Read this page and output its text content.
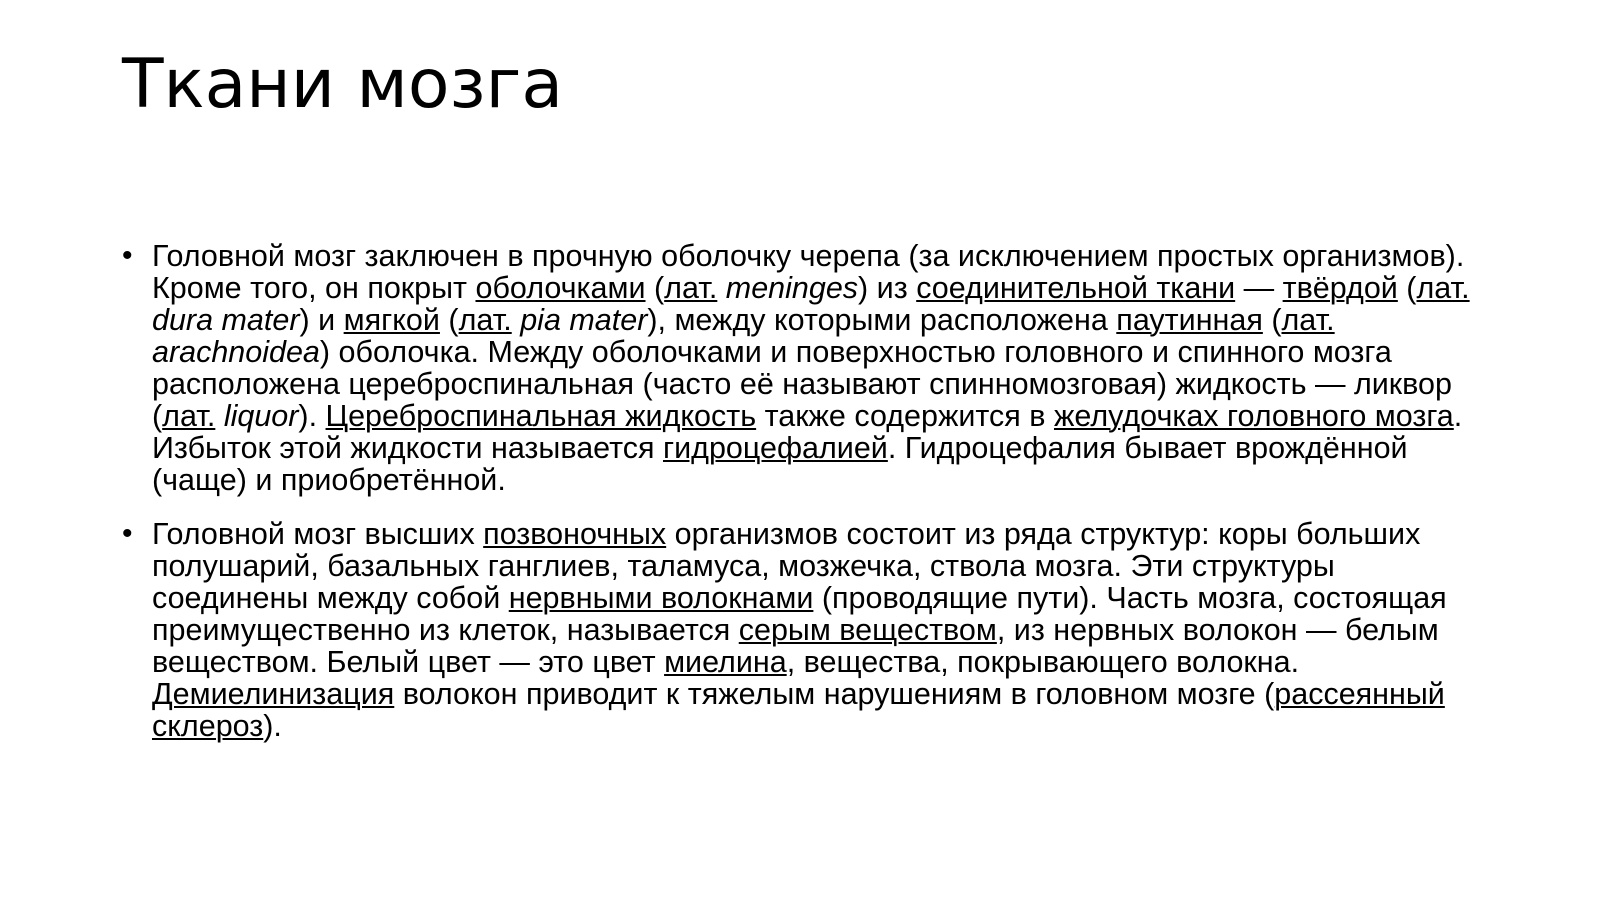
Ткани мозга
• Головной мозг заключен в прочную оболочку черепа (за исключением простых организмов). Кроме того, он покрыт оболочками (лат. meninges) из соединительной ткани — твёрдой (лат. dura mater) и мягкой (лат. pia mater), между которыми расположена паутинная (лат. arachnoidea) оболочка. Между оболочками и поверхностью головного и спинного мозга расположена цереброспинальная (часто её называют спинномозговая) жидкость — ликвор (лат. liquor). Цереброспинальная жидкость также содержится в желудочках головного мозга. Избыток этой жидкости называется гидроцефалией. Гидроцефалия бывает врождённой (чаще) и приобретённой.
• Головной мозг высших позвоночных организмов состоит из ряда структур: коры больших полушарий, базальных ганглиев, таламуса, мозжечка, ствола мозга. Эти структуры соединены между собой нервными волокнами (проводящие пути). Часть мозга, состоящая преимущественно из клеток, называется серым веществом, из нервных волокон — белым веществом. Белый цвет — это цвет миелина, вещества, покрывающего волокна. Демиелинизация волокон приводит к тяжелым нарушениям в головном мозге (рассеянный склероз).
